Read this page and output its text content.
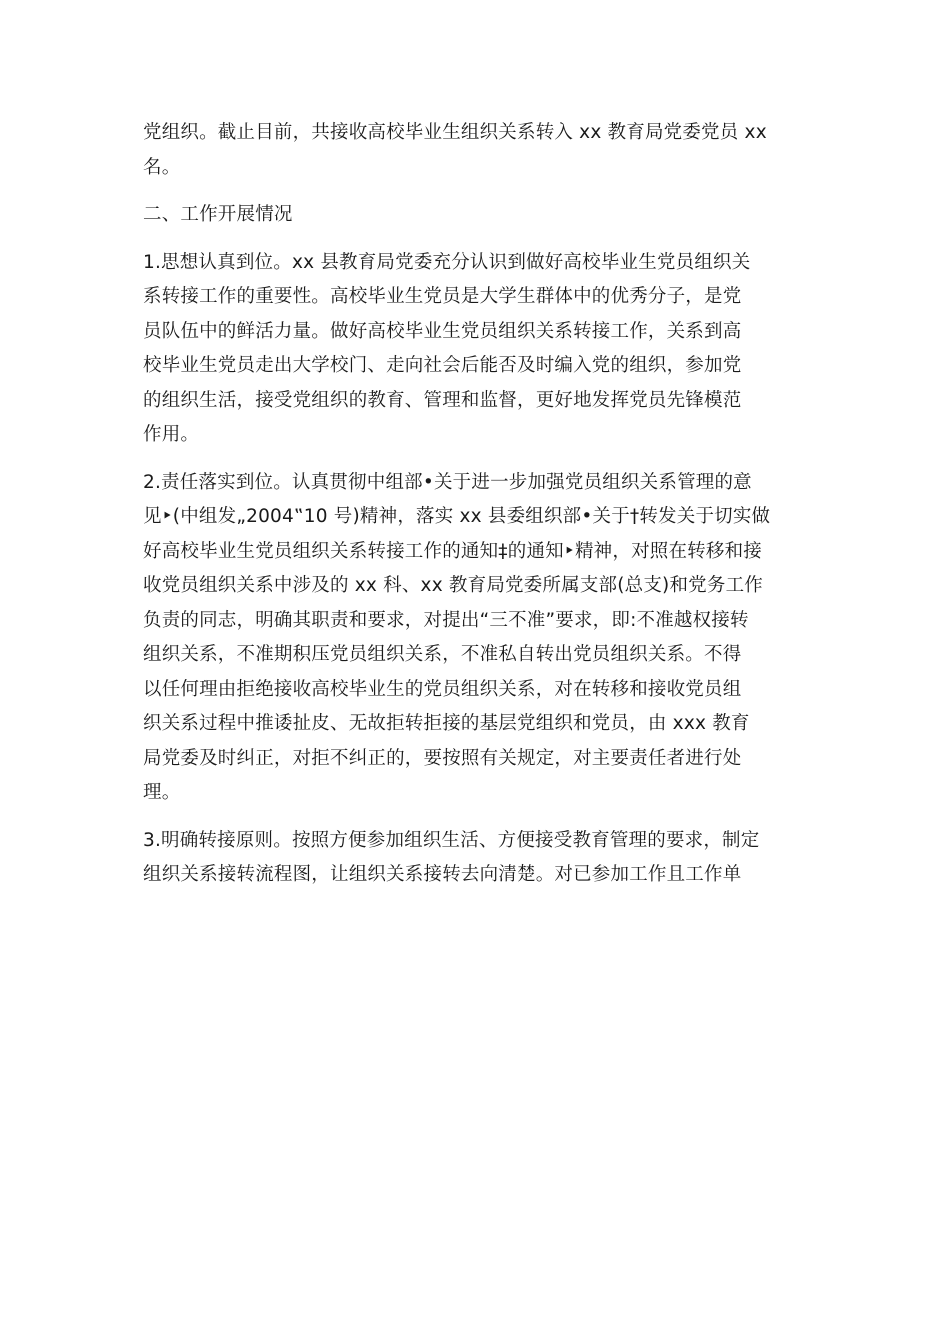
党组织。截止目前，共接收高校毕业生组织关系转入 xx 教育局党委党员 xx
名。

二、工作开展情况

1.思想认真到位。xx 县教育局党委充分认识到做好高校毕业生党员组织关
系转接工作的重要性。高校毕业生党员是大学生群体中的优秀分子，是党
员队伍中的鲜活力量。做好高校毕业生党员组织关系转接工作，关系到高
校毕业生党员走出大学校门、走向社会后能否及时编入党的组织，参加党
的组织生活，接受党组织的教育、管理和监督，更好地发挥党员先锋模范
作用。

2.责任落实到位。认真贯彻中组部•关于进一步加强党员组织关系管理的意
见‣(中组发„2004‟10 号)精神，落实 xx 县委组织部•关于†转发关于切实做
好高校毕业生党员组织关系转接工作的通知‡的通知‣精神，对照在转移和接
收党员组织关系中涉及的 xx 科、xx 教育局党委所属支部(总支)和党务工作
负责的同志，明确其职责和要求，对提出“三不准”要求，即:不准越权接转
组织关系，不准期积压党员组织关系，不准私自转出党员组织关系。不得
以任何理由拒绝接收高校毕业生的党员组织关系，对在转移和接收党员组
织关系过程中推诿扯皮、无故拒转拒接的基层党组织和党员，由 xxx 教育
局党委及时纠正，对拒不纠正的，要按照有关规定，对主要责任者进行处
理。

3.明确转接原则。按照方便参加组织生活、方便接受教育管理的要求，制定
组织关系接转流程图，让组织关系接转去向清楚。对已参加工作且工作单
